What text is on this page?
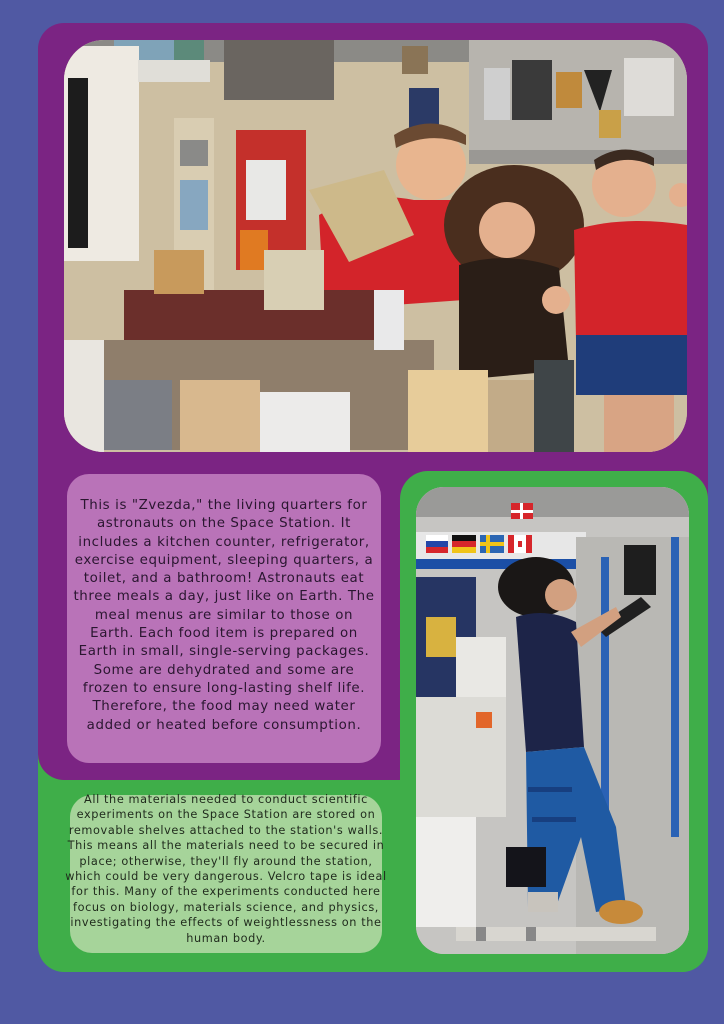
This is "Zvezda," the living quarters for astronauts on the Space Station. It includes a kitchen counter, refrigerator, exercise equipment, sleeping quarters, a toilet, and a bathroom! Astronauts eat three meals a day, just like on Earth. The meal menus are similar to those on Earth. Each food item is prepared on Earth in small, single-serving packages. Some are dehydrated and some are frozen to ensure long-lasting shelf life. Therefore, the food may need water added or heated before consumption.

All the materials needed to conduct scientific experiments on the Space Station are stored on removable shelves attached to the station's walls. This means all the materials need to be secured in place; otherwise, they'll fly around the station, which could be very dangerous. Velcro tape is ideal for this. Many of the experiments conducted here focus on biology, materials science, and physics, investigating the effects of weightlessness on the human body.
